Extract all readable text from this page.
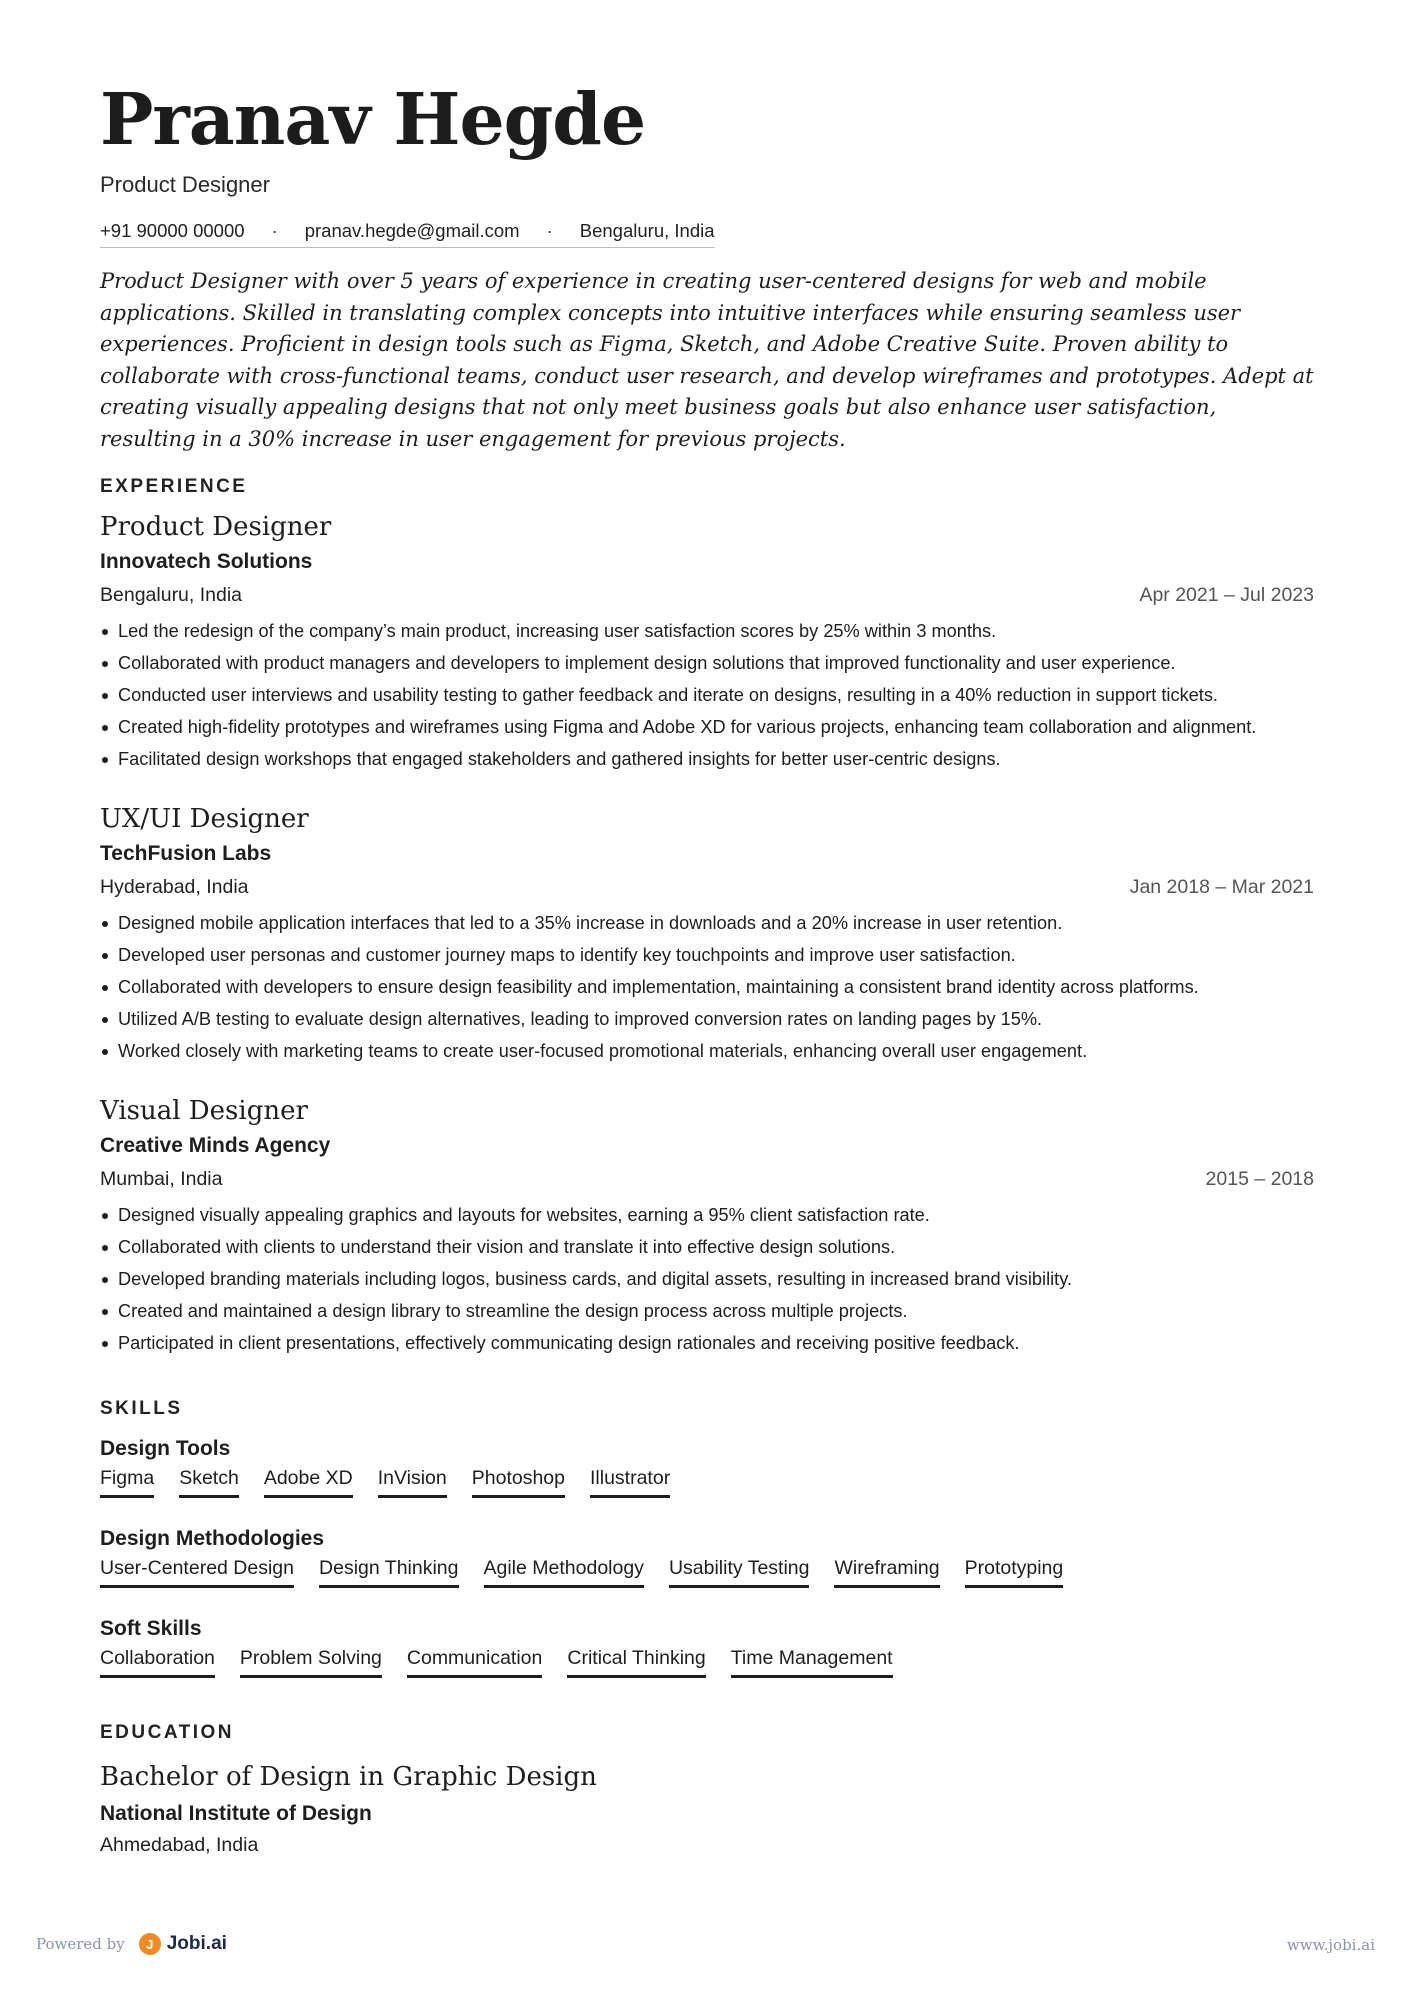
Pranav Hegde
Product Designer
+91 90000 00000 · pranav.hegde@gmail.com · Bengaluru, India
Product Designer with over 5 years of experience in creating user-centered designs for web and mobile applications. Skilled in translating complex concepts into intuitive interfaces while ensuring seamless user experiences. Proficient in design tools such as Figma, Sketch, and Adobe Creative Suite. Proven ability to collaborate with cross-functional teams, conduct user research, and develop wireframes and prototypes. Adept at creating visually appealing designs that not only meet business goals but also enhance user satisfaction, resulting in a 30% increase in user engagement for previous projects.
EXPERIENCE
Product Designer
Innovatech Solutions
Bengaluru, India	Apr 2021 – Jul 2023
Led the redesign of the company’s main product, increasing user satisfaction scores by 25% within 3 months.
Collaborated with product managers and developers to implement design solutions that improved functionality and user experience.
Conducted user interviews and usability testing to gather feedback and iterate on designs, resulting in a 40% reduction in support tickets.
Created high-fidelity prototypes and wireframes using Figma and Adobe XD for various projects, enhancing team collaboration and alignment.
Facilitated design workshops that engaged stakeholders and gathered insights for better user-centric designs.
UX/UI Designer
TechFusion Labs
Hyderabad, India	Jan 2018 – Mar 2021
Designed mobile application interfaces that led to a 35% increase in downloads and a 20% increase in user retention.
Developed user personas and customer journey maps to identify key touchpoints and improve user satisfaction.
Collaborated with developers to ensure design feasibility and implementation, maintaining a consistent brand identity across platforms.
Utilized A/B testing to evaluate design alternatives, leading to improved conversion rates on landing pages by 15%.
Worked closely with marketing teams to create user-focused promotional materials, enhancing overall user engagement.
Visual Designer
Creative Minds Agency
Mumbai, India	2015 – 2018
Designed visually appealing graphics and layouts for websites, earning a 95% client satisfaction rate.
Collaborated with clients to understand their vision and translate it into effective design solutions.
Developed branding materials including logos, business cards, and digital assets, resulting in increased brand visibility.
Created and maintained a design library to streamline the design process across multiple projects.
Participated in client presentations, effectively communicating design rationales and receiving positive feedback.
SKILLS
Design Tools
Figma Sketch Adobe XD InVision Photoshop Illustrator
Design Methodologies
User-Centered Design Design Thinking Agile Methodology Usability Testing Wireframing Prototyping
Soft Skills
Collaboration Problem Solving Communication Critical Thinking Time Management
EDUCATION
Bachelor of Design in Graphic Design
National Institute of Design
Ahmedabad, India
Powered by	J Jobi.ai	www.jobi.ai
